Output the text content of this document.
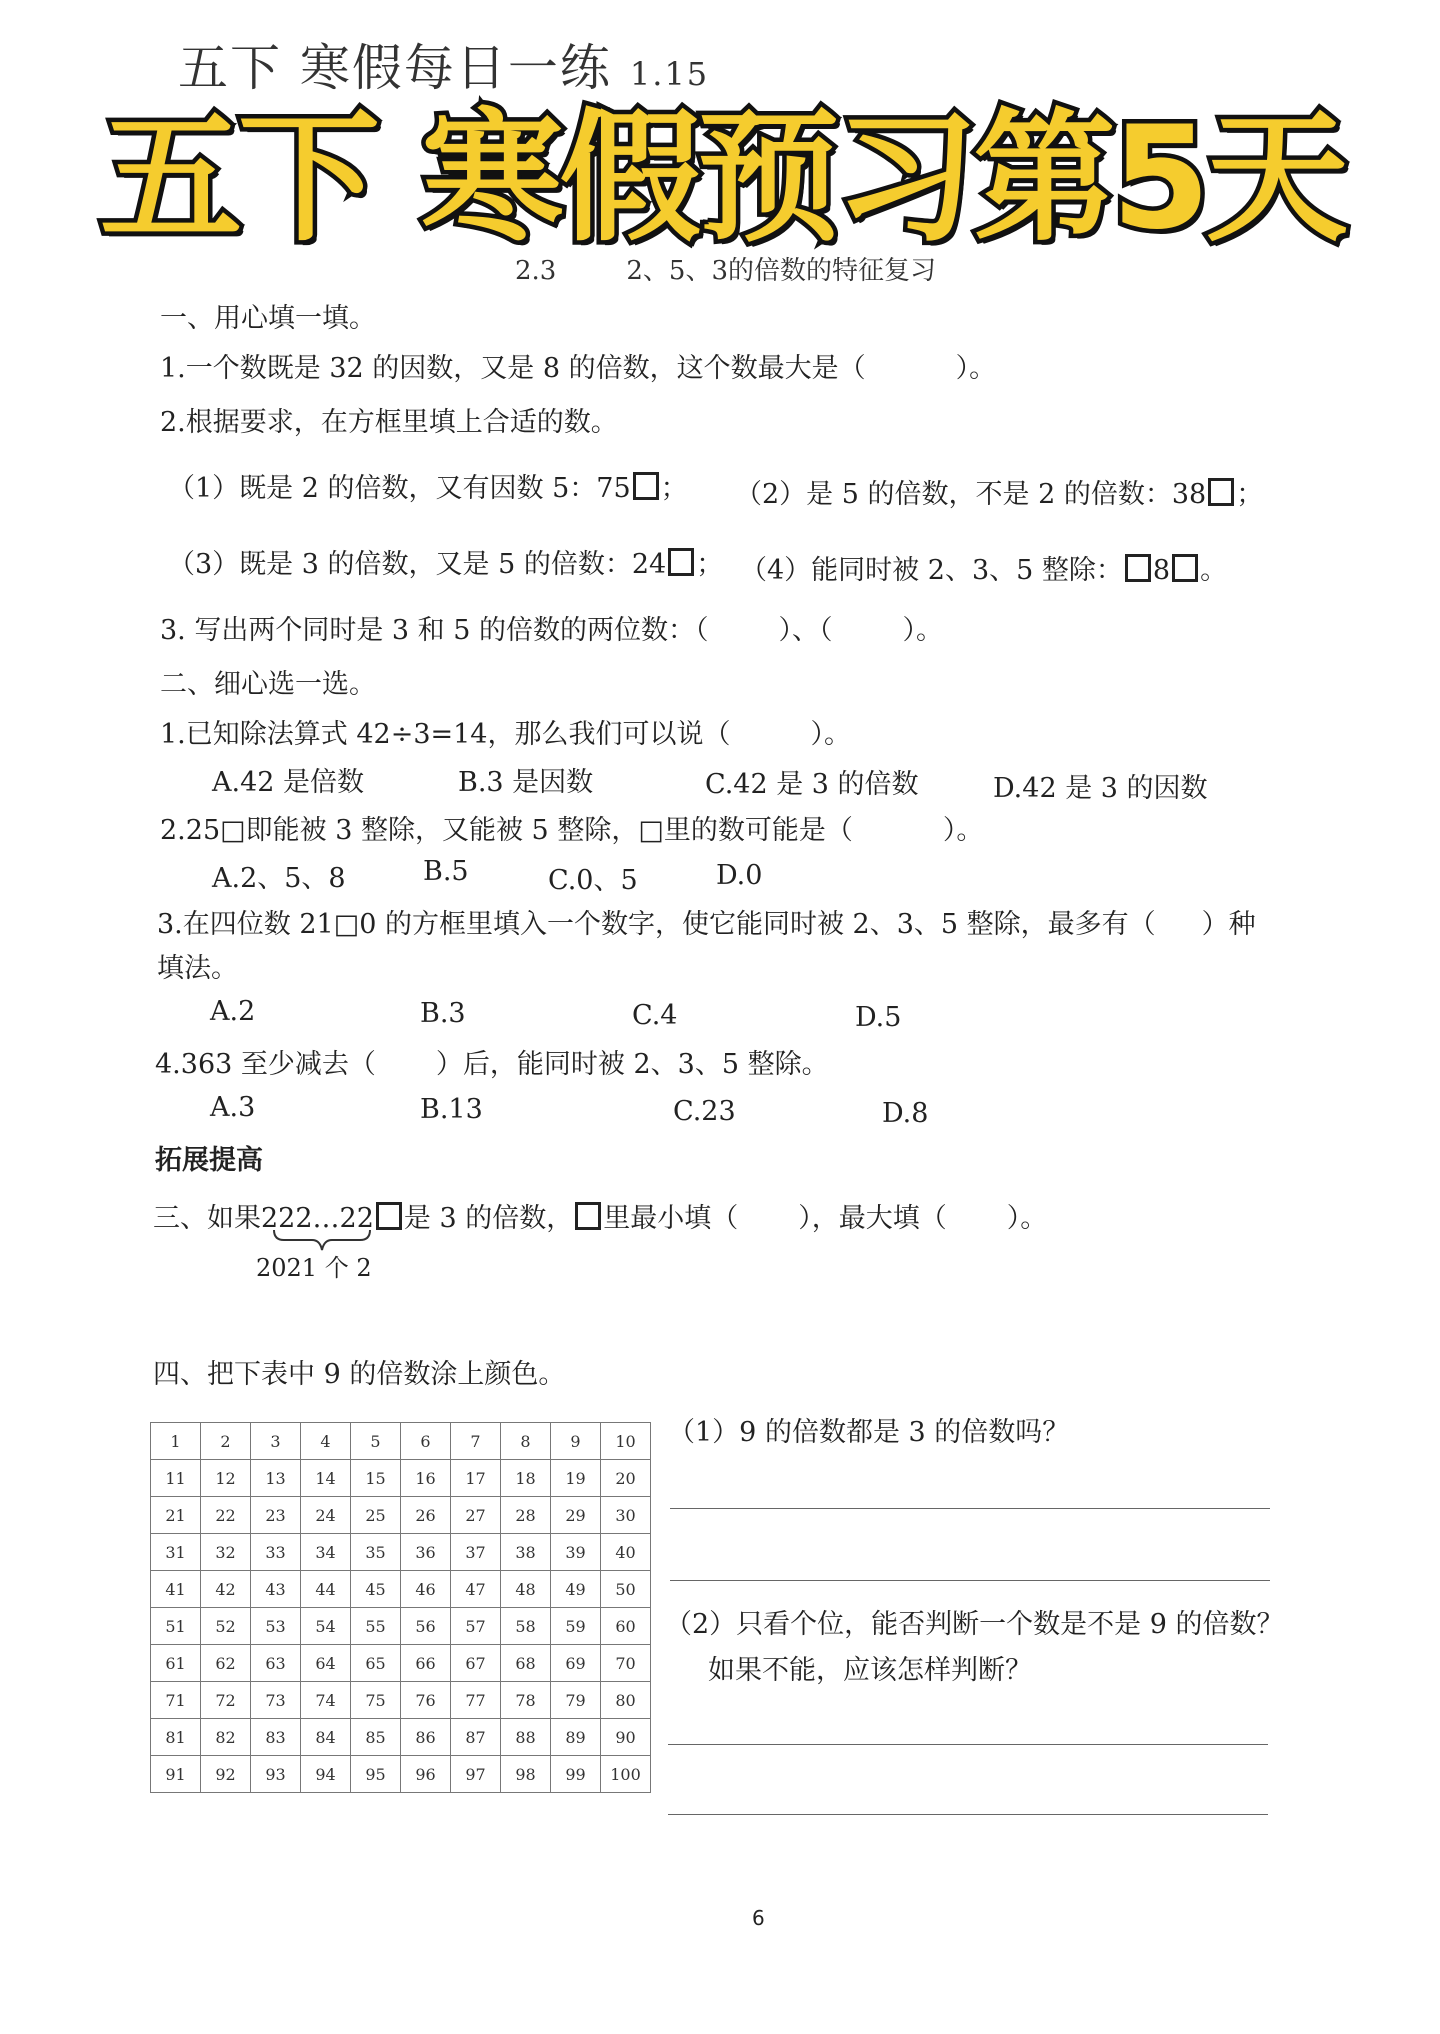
五下 寒假每日一练 1.15
五下 寒假预习第5天
2.3	2、5、3的倍数的特征复习
一、用心填一填。
1.一个数既是 32 的因数，又是 8 的倍数，这个数最大是（	）。
2.根据要求，在方框里填上合适的数。
（1）既是 2 的倍数，又有因数 5：75 ； （2）是 5 的倍数，不是 2 的倍数：38 ；
（3）既是 3 的倍数，又是 5 的倍数：24 ； （4）能同时被 2、3、5 整除： 8 。
3. 写出两个同时是 3 和 5 的倍数的两位数：（	）、（	）。
二、细心选一选。
1.已知除法算式 42÷3=14，那么我们可以说（	）。
A.42 是倍数	B.3 是因数	C.42 是 3 的倍数	D.42 是 3 的因数
2.25□即能被 3 整除，又能被 5 整除，□里的数可能是（	）。
A.2、5、8	B.5	C.0、5	D.0
3.在四位数 21□0 的方框里填入一个数字，使它能同时被 2、3、5 整除，最多有（ ）种
填法。
A.2	B.3	C.4	D.5
4.363 至少减去（ ）后，能同时被 2、3、5 整除。
A.3	B.13	C.23	D.8
拓展提高
三、如果222…22 是 3 的倍数， 里最小填（ ），最大填（ ）。
2021 个 2
四、把下表中 9 的倍数涂上颜色。
1	2	3	4	5	6	7	8	9	10
11	12	13	14	15	16	17	18	19	20
21	22	23	24	25	26	27	28	29	30
31	32	33	34	35	36	37	38	39	40
41	42	43	44	45	46	47	48	49	50
51	52	53	54	55	56	57	58	59	60
61	62	63	64	65	66	67	68	69	70
71	72	73	74	75	76	77	78	79	80
81	82	83	84	85	86	87	88	89	90
91	92	93	94	95	96	97	98	99	100
（1）9 的倍数都是 3 的倍数吗？
（2）只看个位，能否判断一个数是不是 9 的倍数？
如果不能，应该怎样判断？
6
